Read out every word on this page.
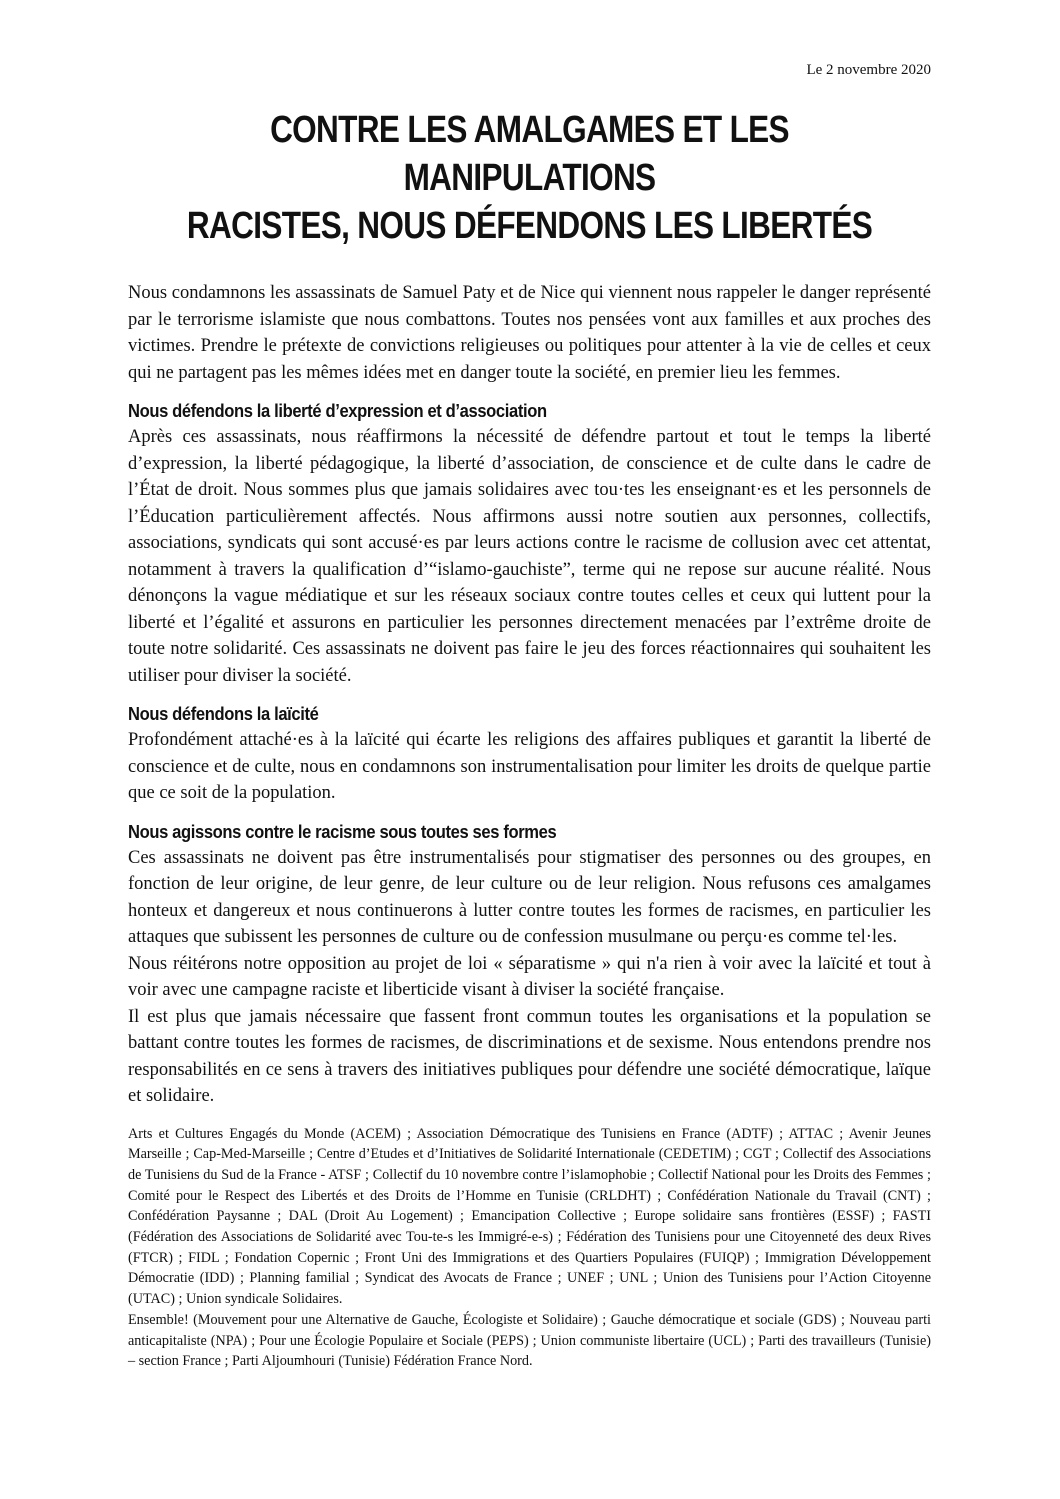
Le 2 novembre 2020
CONTRE LES AMALGAMES ET LES MANIPULATIONS
RACISTES, NOUS DÉFENDONS LES LIBERTÉS

Nous condamnons les assassinats de Samuel Paty et de Nice qui viennent nous rappeler le danger représenté par le terrorisme islamiste que nous combattons. Toutes nos pensées vont aux familles et aux proches des victimes. Prendre le prétexte de convictions religieuses ou politiques pour attenter à la vie de celles et ceux qui ne partagent pas les mêmes idées met en danger toute la société, en premier lieu les femmes.

Nous défendons la liberté d’expression et d’association

Après ces assassinats, nous réaffirmons la nécessité de défendre partout et tout le temps la liberté d’expression, la liberté pédagogique, la liberté d’association, de conscience et de culte dans le cadre de l’État de droit. Nous sommes plus que jamais solidaires avec tou·tes les enseignant·es et les personnels de l’Éducation particulièrement affectés. Nous affirmons aussi notre soutien aux personnes, collectifs, associations, syndicats qui sont accusé·es par leurs actions contre le racisme de collusion avec cet attentat, notamment à travers la qualification d’“islamo-gauchiste”, terme qui ne repose sur aucune réalité. Nous dénonçons la vague médiatique et sur les réseaux sociaux contre toutes celles et ceux qui luttent pour la liberté et l’égalité et assurons en particulier les personnes directement menacées par l’extrême droite de toute notre solidarité. Ces assassinats ne doivent pas faire le jeu des forces réactionnaires qui souhaitent les utiliser pour diviser la société.

Nous défendons la laïcité

Profondément attaché·es à la laïcité qui écarte les religions des affaires publiques et garantit la liberté de conscience et de culte, nous en condamnons son instrumentalisation pour limiter les droits de quelque partie que ce soit de la population.

Nous agissons contre le racisme sous toutes ses formes

Ces assassinats ne doivent pas être instrumentalisés pour stigmatiser des personnes ou des groupes, en fonction de leur origine, de leur genre, de leur culture ou de leur religion. Nous refusons ces amalgames honteux et dangereux et nous continuerons à lutter contre toutes les formes de racismes, en particulier les attaques que subissent les personnes de culture ou de confession musulmane ou perçu·es comme tel·les.

Nous réitérons notre opposition au projet de loi « séparatisme » qui n'a rien à voir avec la laïcité et tout à voir avec une campagne raciste et liberticide visant à diviser la société française.

Il est plus que jamais nécessaire que fassent front commun toutes les organisations et la population se battant contre toutes les formes de racismes, de discriminations et de sexisme. Nous entendons prendre nos responsabilités en ce sens à travers des initiatives publiques pour défendre une société démocratique, laïque et solidaire.

Arts et Cultures Engagés du Monde (ACEM) ; Association Démocratique des Tunisiens en France (ADTF) ; ATTAC ; Avenir Jeunes Marseille ; Cap-Med-Marseille ; Centre d’Etudes et d’Initiatives de Solidarité Internationale (CEDETIM) ; CGT ; Collectif des Associations de Tunisiens du Sud de la France - ATSF ; Collectif du 10 novembre contre l’islamophobie ; Collectif National pour les Droits des Femmes ; Comité pour le Respect des Libertés et des Droits de l’Homme en Tunisie (CRLDHT) ; Confédération Nationale du Travail (CNT) ; Confédération Paysanne ; DAL (Droit Au Logement) ; Emancipation Collective ; Europe solidaire sans frontières (ESSF) ; FASTI (Fédération des Associations de Solidarité avec Tou-te-s les Immigré-e-s) ; Fédération des Tunisiens pour une Citoyenneté des deux Rives (FTCR) ; FIDL ; Fondation Copernic ; Front Uni des Immigrations et des Quartiers Populaires (FUIQP) ; Immigration Développement Démocratie (IDD) ; Planning familial ; Syndicat des Avocats de France ; UNEF ; UNL ; Union des Tunisiens pour l’Action Citoyenne (UTAC) ; Union syndicale Solidaires.

Ensemble! (Mouvement pour une Alternative de Gauche, Écologiste et Solidaire) ; Gauche démocratique et sociale (GDS) ; Nouveau parti anticapitaliste (NPA) ; Pour une Écologie Populaire et Sociale (PEPS) ; Union communiste libertaire (UCL) ; Parti des travailleurs (Tunisie) – section France ; Parti Aljoumhouri (Tunisie) Fédération France Nord.
